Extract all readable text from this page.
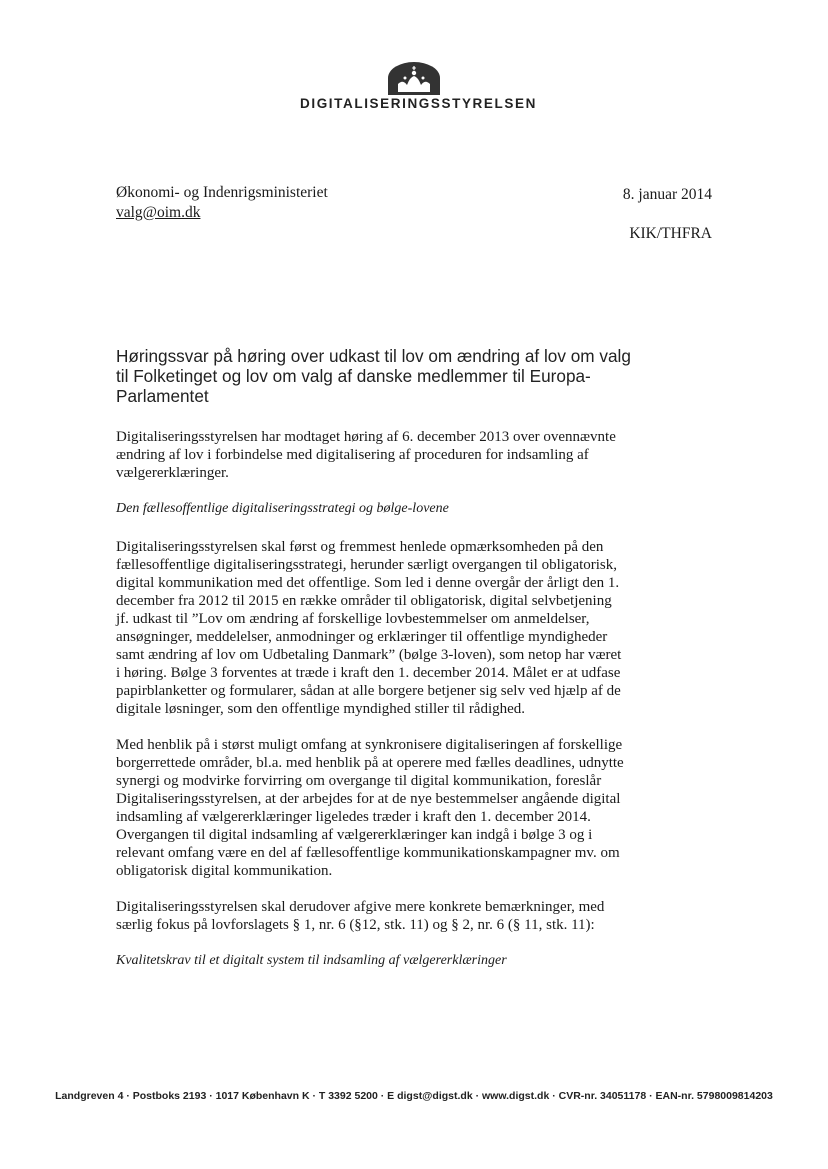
DIGITALISERINGSSTYRELSEN
Økonomi- og Indenrigsministeriet
valg@oim.dk
8. januar 2014
KIK/THFRA
Høringssvar på høring over udkast til lov om ændring af lov om valg til Folketinget og lov om valg af danske medlemmer til Europa-Parlamentet

Digitaliseringsstyrelsen har modtaget høring af 6. december 2013 over ovennævnte ændring af lov i forbindelse med digitalisering af proceduren for indsamling af vælgererklæringer.

Den fællesoffentlige digitaliseringsstrategi og bølge-lovene

Digitaliseringsstyrelsen skal først og fremmest henlede opmærksomheden på den fællesoffentlige digitaliseringsstrategi, herunder særligt overgangen til obligatorisk, digital kommunikation med det offentlige. Som led i denne overgår der årligt den 1. december fra 2012 til 2015 en række områder til obligatorisk, digital selvbetjening jf. udkast til ”Lov om ændring af forskellige lovbestemmelser om anmeldelser, ansøgninger, meddelelser, anmodninger og erklæringer til offentlige myndigheder samt ændring af lov om Udbetaling Danmark” (bølge 3-loven), som netop har været i høring. Bølge 3 forventes at træde i kraft den 1. december 2014. Målet er at udfase papirblanketter og formularer, sådan at alle borgere betjener sig selv ved hjælp af de digitale løsninger, som den offentlige myndighed stiller til rådighed.

Med henblik på i størst muligt omfang at synkronisere digitaliseringen af forskellige borgerrettede områder, bl.a. med henblik på at operere med fælles deadlines, udnytte synergi og modvirke forvirring om overgange til digital kommunikation, foreslår Digitaliseringsstyrelsen, at der arbejdes for at de nye bestemmelser angående digital indsamling af vælgererklæringer ligeledes træder i kraft den 1. december 2014. Overgangen til digital indsamling af vælgererklæringer kan indgå i bølge 3 og i relevant omfang være en del af fællesoffentlige kommunikationskampagner mv. om obligatorisk digital kommunikation.

Digitaliseringsstyrelsen skal derudover afgive mere konkrete bemærkninger, med særlig fokus på lovforslagets § 1, nr. 6 (§12, stk. 11) og § 2, nr. 6 (§ 11, stk. 11):

Kvalitetskrav til et digitalt system til indsamling af vælgererklæringer

Landgreven 4 · Postboks 2193 · 1017 København K · T 3392 5200 · E digst@digst.dk · www.digst.dk · CVR-nr. 34051178 · EAN-nr. 5798009814203
